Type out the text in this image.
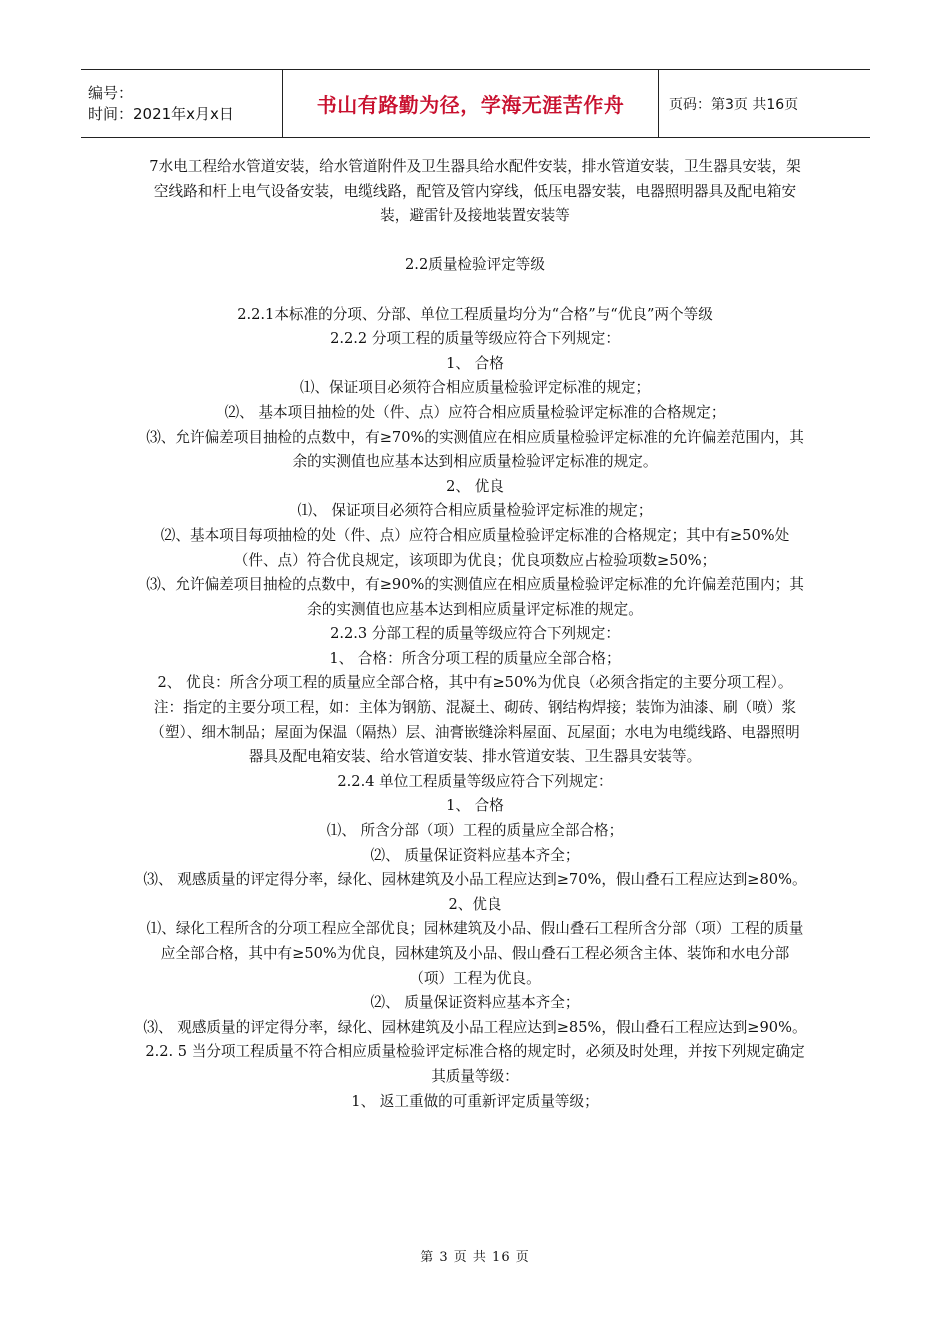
编号：
时间：2021年x月x日	书山有路勤为径，学海无涯苦作舟	页码：第3页 共16页

7水电工程给水管道安装，给水管道附件及卫生器具给水配件安装，排水管道安装，卫生器具安装，架空线路和杆上电气设备安装，电缆线路，配管及管内穿线，低压电器安装，电器照明器具及配电箱安装，避雷针及接地装置安装等

2.2质量检验评定等级

2.2.1本标准的分项、分部、单位工程质量均分为“合格”与“优良”两个等级

2.2.2 分项工程的质量等级应符合下列规定：

1、 合格

⑴、保证项目必须符合相应质量检验评定标准的规定；

⑵、 基本项目抽检的处（件、点）应符合相应质量检验评定标准的合格规定；

⑶、允许偏差项目抽检的点数中，有≥70%的实测值应在相应质量检验评定标准的允许偏差范围内，其余的实测值也应基本达到相应质量检验评定标准的规定。

2、 优良

⑴、 保证项目必须符合相应质量检验评定标准的规定；

⑵、基本项目每项抽检的处（件、点）应符合相应质量检验评定标准的合格规定；其中有≥50%处（件、点）符合优良规定，该项即为优良；优良项数应占检验项数≥50%；

⑶、允许偏差项目抽检的点数中，有≥90%的实测值应在相应质量检验评定标准的允许偏差范围内；其余的实测值也应基本达到相应质量评定标准的规定。

2.2.3 分部工程的质量等级应符合下列规定：

1、 合格：所含分项工程的质量应全部合格；

2、 优良：所含分项工程的质量应全部合格，其中有≥50%为优良（必须含指定的主要分项工程）。

注：指定的主要分项工程，如：主体为钢筋、混凝土、砌砖、钢结构焊接；装饰为油漆、刷（喷）浆（塑）、细木制品；屋面为保温（隔热）层、油膏嵌缝涂料屋面、瓦屋面；水电为电缆线路、电器照明器具及配电箱安装、给水管道安装、排水管道安装、卫生器具安装等。

2.2.4 单位工程质量等级应符合下列规定：

1、 合格

⑴、 所含分部（项）工程的质量应全部合格；

⑵、 质量保证资料应基本齐全；

⑶、 观感质量的评定得分率，绿化、园林建筑及小品工程应达到≥70%，假山叠石工程应达到≥80%。

2、优良

⑴、绿化工程所含的分项工程应全部优良；园林建筑及小品、假山叠石工程所含分部（项）工程的质量应全部合格，其中有≥50%为优良，园林建筑及小品、假山叠石工程必须含主体、装饰和水电分部（项）工程为优良。

⑵、 质量保证资料应基本齐全；

⑶、 观感质量的评定得分率，绿化、园林建筑及小品工程应达到≥85%，假山叠石工程应达到≥90%。

2.2. 5 当分项工程质量不符合相应质量检验评定标准合格的规定时，必须及时处理，并按下列规定确定其质量等级：

1、 返工重做的可重新评定质量等级；

第 3 页 共 16 页
